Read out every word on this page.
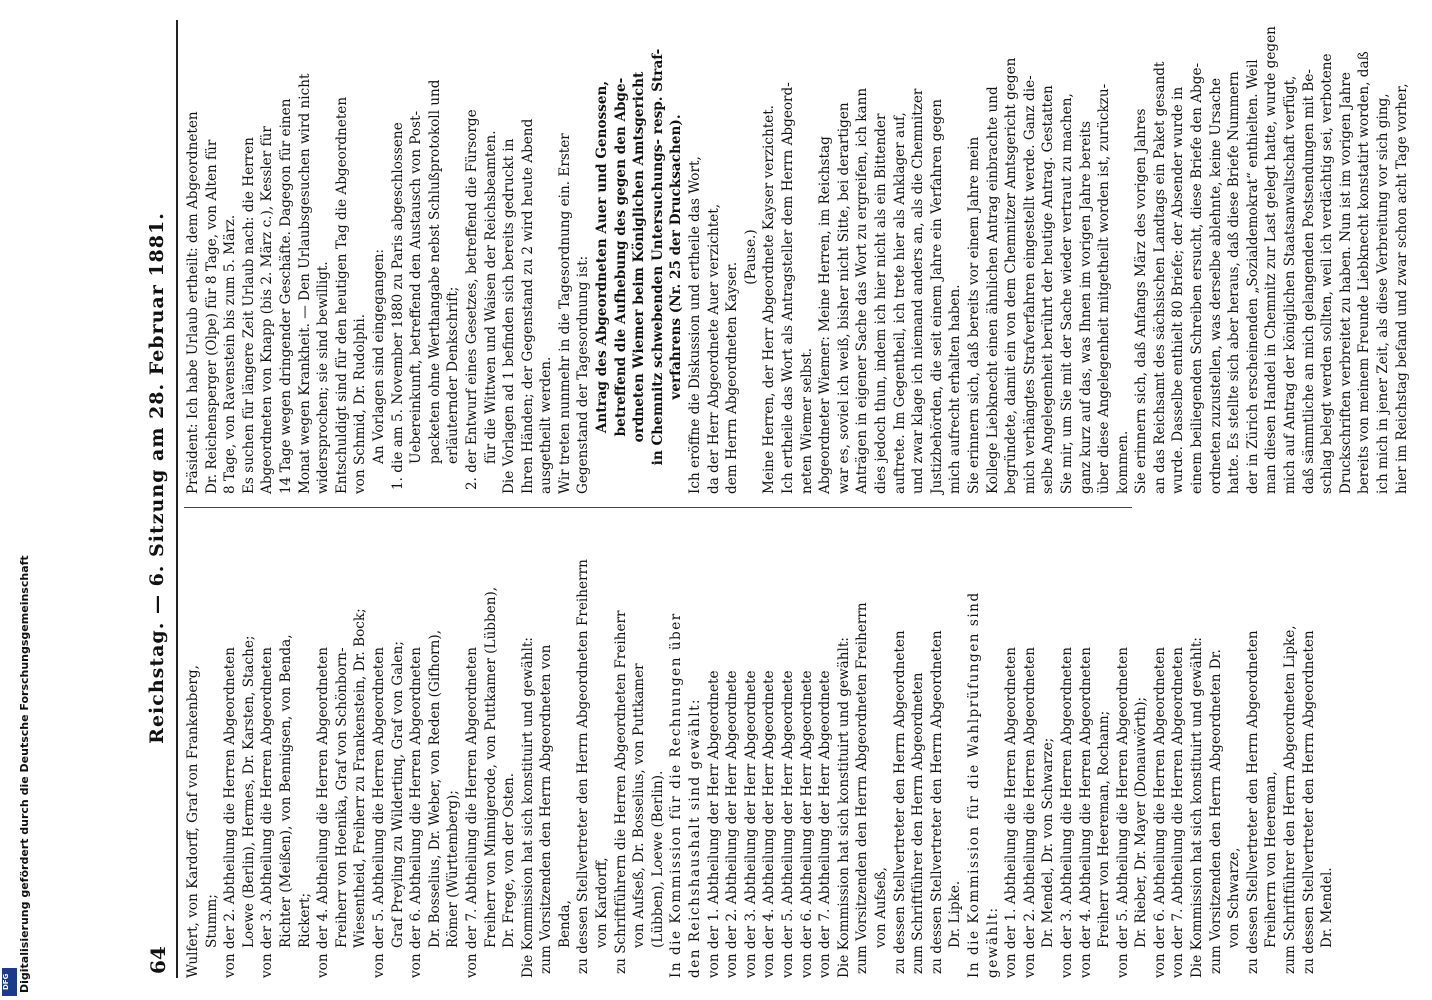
64
Reichstag. — 6. Sitzung am 28. Februar 1881.

Wulfert, von Kardorff, Graf von Frankenberg, Stumm; von der 2. Abtheilung die Herren Abgeordneten Loewe (Berlin), Hermes, Dr. Karsten, Stache; von der 3. Abtheilung die Herren Abgeordneten Richter (Meißen), von Bennigsen, von Benda, Rickert; von der 4. Abtheilung die Herren Abgeordneten Freiherr von Hoenika, Graf von Schönborn- Wiesentheid, Freiherr zu Frankenstein, Dr. Bock; von der 5. Abtheilung die Herren Abgeordneten Graf Preyling zu Wildertinq, Graf von Galen; von der 6. Abtheilung die Herren Abgeordneten Dr. Bosselius, Dr. Weber, von Reden (Gifhorn), Römer (Württemberg); von der 7. Abtheilung die Herren Abgeordneten Freiherr von Minnigerode, von Puttkamer (Lübben), Dr. Frege, von der Osten. Die Kommission hat sich konstituirt und gewählt: zum Vorsitzenden den Herrn Abgeordneten von Benda, zu dessen Stellvertreter den Herrn Abgeordneten Freiherrn von Kardorff, zu Schriftführern die Herren Abgeordneten Freiherr von Aufseß, Dr. Bosselius, von Puttkamer (Lübben), Loewe (Berlin). In die Kommission für die Rechnungen über den Reichshaushalt sind gewählt: von der 1. Abtheilung der Herr Abgeordnete von der 2. Abtheilung der Herr Abgeordnete von der 3. Abtheilung der Herr Abgeordnete von der 4. Abtheilung der Herr Abgeordnete von der 5. Abtheilung der Herr Abgeordnete von der 6. Abtheilung der Herr Abgeordnete von der 7. Abtheilung der Herr Abgeordnete Die Kommission hat sich konstituirt und gewählt: zum Vorsitzenden den Herrn Abgeordneten Freiherrn von Aufseß, zu dessen Stellvertreter den Herrn Abgeordneten zum Schriftführer den Herrn Abgeordneten zu dessen Stellvertreter den Herrn Abgeordneten Dr. Lipke. In die Kommission für die Wahlprüfungen sind gewählt: von der 1. Abtheilung die Herren Abgeordneten von der 2. Abtheilung die Herren Abgeordneten Dr. Mendel, Dr. von Schwarze; von der 3. Abtheilung die Herren Abgeordneten von der 4. Abtheilung die Herren Abgeordneten Freiherr von Heereman, Rochann; von der 5. Abtheilung die Herren Abgeordneten Dr. Rieber, Dr. Mayer (Donauwörth); von der 6. Abtheilung die Herren Abgeordneten von der 7. Abtheilung die Herren Abgeordneten Die Kommission hat sich konstituirt und gewählt: zum Vorsitzenden den Herrn Abgeordneten Dr. von Schwarze, zu dessen Stellvertreter den Herrn Abgeordneten Freiherrn von Heereman, zum Schriftführer den Herrn Abgeordneten Lipke, zu dessen Stellvertreter den Herrn Abgeordneten Dr. Mendel.

Präsident: Ich habe Urlaub ertheilt: dem Abgeordneten Dr. Reichensperger (Olpe) für 8 Tage, von Alten für 8 Tage, von Ravenstein bis zum 5. März. Es suchen für längere Zeit Urlaub nach: die Herren Abgeordneten von Knapp (bis 2. März c.), Kessler für 14 Tage wegen dringender Geschäfte. Dagegon für einen Monat wegen Krankheit. — Den Urlaubsgesuchen wird nicht widersprochen; sie sind bewilligt. Entschuldigt sind für den heutigen Tag die Abgeordneten von Schmid, Dr. Rudolphi. An Vorlagen sind eingegangen: 1. die am 5. November 1880 zu Paris abgeschlossene Uebereinkunft, betreffend den Austausch von Post- packeten ohne Werthangabe nebst Schlußprotokoll und erläuternder Denkschrift; 2. der Entwurf eines Gesetzes, betreffend die Fürsorge für die Wittwen und Waisen der Reichsbeamten. Die Vorlagen ad 1 befinden sich bereits gedruckt in Ihren Händen; der Gegenstand zu 2 wird heute Abend ausgetheilt werden. Wir treten nunmehr in die Tagesordnung ein. Erster Gegenstand der Tagesordnung ist: Antrag des Abgeordneten Auer und Genossen, betreffend die Aufhebung des gegen den Abge- ordneten Wiemer beim Königlichen Amtsgericht in Chemnitz schwebenden Untersuchungs- resp. Straf- verfahrens (Nr. 25 der Drucksachen). Ich eröffne die Diskussion und ertheile das Wort, da der Herr Abgeordnete Auer verzichtet, dem Herrn Abgeordneten Kayser.

(Pause.) Meine Herren, der Herr Abgeordnete Kayser verzichtet. Ich ertheile das Wort als Antragsteller dem Herrn Abgeord- neten Wiemer selbst. Abgeordneter Wiemer: Meine Herren, im Reichstag war es, soviel ich weiß, bisher nicht Sitte, bei derartigen Anträgen in eigener Sache das Wort zu ergreifen, ich kann dies jedoch thun, indem ich hier nicht als ein Bittender auftrete. Im Gegentheil, ich trete hier als Anklager auf, und zwar klage ich niemand anders an, als die Chemnitzer Justizbehörden, die seit einem Jahre ein Verfahren gegen mich aufrecht erhalten haben. Sie erinnern sich, daß bereits vor einem Jahre mein Kollege Liebknecht einen ähnlichen Antrag einbrachte und begründete, damit ein von dem Chemnitzer Amtsgericht gegen mich verhängtes Strafverfahren eingestellt werde. Ganz die- selbe Angelegenheit berührt der heutige Antrag. Gestatten Sie mir, um Sie mit der Sache wieder vertraut zu machen, ganz kurz auf das, was Ihnen im vorigen Jahre bereits über diese Angelegenheit mitgetheilt worden ist, zurückzu- kommen. Sie erinnern sich, daß Anfangs März des vorigen Jahres an das Reichsamt des sächsischen Landtags ein Paket gesandt wurde. Dasselbe enthielt 80 Briefe; der Absender wurde in einem beiliegenden Schreiben ersucht, diese Briefe den Abge- ordneten zuzustellen, was derselbe ablehnte, keine Ursache hatte. Es stellte sich aber heraus, daß diese Briefe Nummern der in Zürich erscheinenden „Sozialdemokrat“ enthielten. Weil man diesen Handel in Chemnitz zur Last gelegt hatte, wurde gegen mich auf Antrag der königlichen Staatsanwaltschaft verfügt, daß sämmtliche an mich gelangenden Postsendungen mit Be- schlag belegt werden sollten, weil ich verdächtig sei, verbotene Druckschriften verbreitet zu haben. Nun ist im vorigen Jahre bereits von meinem Freunde Liebknecht konstatirt worden, daß ich mich in jener Zeit, als diese Verbreitung vor sich ging, hier im Reichstag befand und zwar schon acht Tage vorher,

Digitalisierung gefördert durch die Deutsche Forschungsgemeinschaft
DFG
